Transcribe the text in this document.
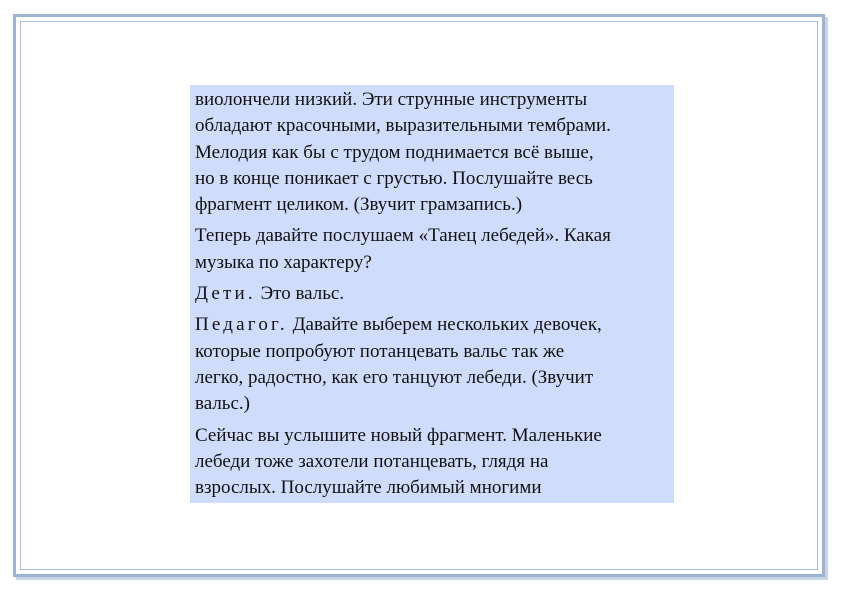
виолончели низкий. Эти струнные инструменты
обладают красочными, выразительными тембрами.
Мелодия как бы с трудом поднимается всё выше,
но в конце поникает с грустью. Послушайте весь
фрагмент целиком. (Звучит грамзапись.)
Теперь давайте послушаем «Танец лебедей». Какая
музыка по характеру?
Дети. Это вальс.
Педагог. Давайте выберем нескольких девочек,
которые попробуют потанцевать вальс так же
легко, радостно, как его танцуют лебеди. (Звучит
вальс.)
Сейчас вы услышите новый фрагмент. Маленькие
лебеди тоже захотели потанцевать, глядя на
взрослых. Послушайте любимый многими
